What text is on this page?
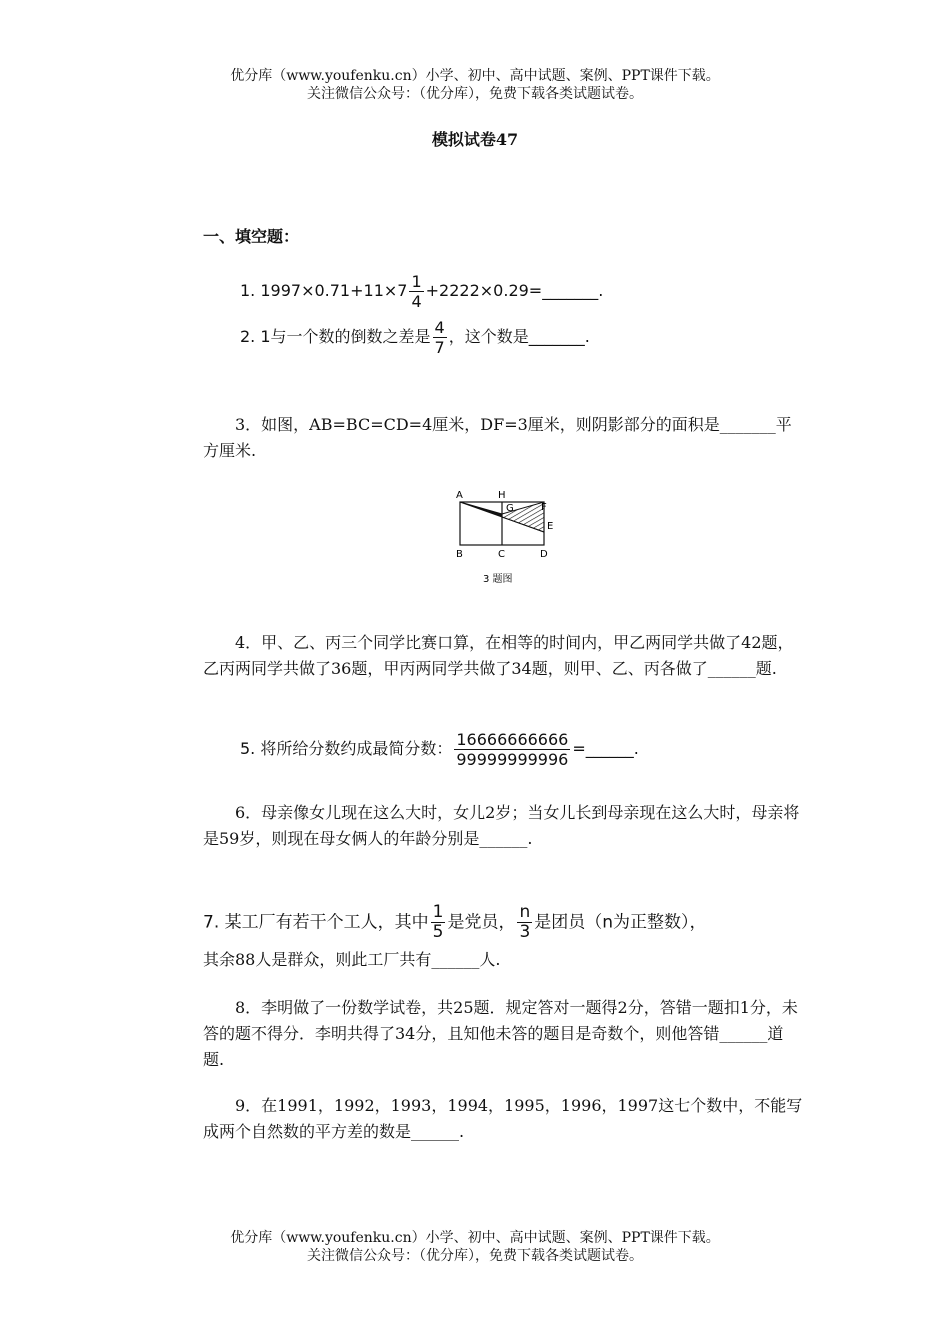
优分库（www.youfenku.cn）小学、初中、高中试题、案例、PPT课件下载。
关注微信公众号：（优分库），免费下载各类试题试卷。
模拟试卷47
一、填空题：
1. $1997\times 0.71+11\times 7 \frac{1}{4}$ +2222×0.29=_______.
2. 1与一个数的倒数之差是 $\frac{4}{7}$ ，这个数是_______.
3．如图，AB=BC=CD=4厘米，DF=3厘米，则阴影部分的面积是_______平方厘米.
A	H
G	F
E
B	C	D
3 题图
4．甲、乙、丙三个同学比赛口算，在相等的时间内，甲乙两同学共做了42题，乙丙两同学共做了36题，甲丙两同学共做了34题，则甲、乙、丙各做了______题.
5. 将所给分数约成最简分数： $\frac{16666666666}{99999999996}$ =______.
6．母亲像女儿现在这么大时，女儿2岁；当女儿长到母亲现在这么大时，母亲将是59岁，则现在母女俩人的年龄分别是______.
7. 某工厂有若干个工人，其中 $\frac{1}{5}$ 是党员， $\frac{n}{3}$ 是团员（n为正整数），
其余88人是群众，则此工厂共有______人.
8．李明做了一份数学试卷，共25题．规定答对一题得2分，答错一题扣1分，未答的题不得分．李明共得了34分，且知他未答的题目是奇数个，则他答错______道题.
9．在1991，1992，1993，1994，1995，1996，1997这七个数中，不能写成两个自然数的平方差的数是______.
优分库（www.youfenku.cn）小学、初中、高中试题、案例、PPT课件下载。
关注微信公众号：（优分库），免费下载各类试题试卷。
